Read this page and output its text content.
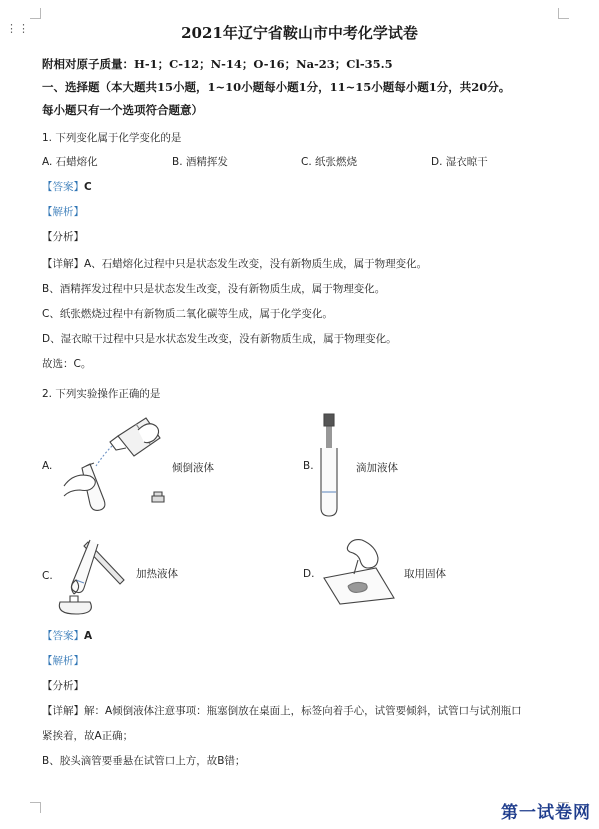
⋮⋮	2021年辽宁省鞍山市中考化学试卷
附相对原子质量：H-1；C-12；N-14；O-16；Na-23；Cl-35.5
一、选择题（本大题共15小题，1~10小题每小题1分，11~15小题每小题1分，共20分。
每小题只有一个选项符合题意）
1. 下列变化属于化学变化的是
A. 石蜡熔化	B. 酒精挥发	C. 纸张燃烧	D. 湿衣晾干
【答案】C
【解析】
【分析】
【详解】A、石蜡熔化过程中只是状态发生改变，没有新物质生成，属于物理变化。
B、酒精挥发过程中只是状态发生改变，没有新物质生成，属于物理变化。
C、纸张燃烧过程中有新物质二氧化碳等生成，属于化学变化。
D、湿衣晾干过程中只是水状态发生改变，没有新物质生成，属于物理变化。
故选：C。
2. 下列实验操作正确的是
A.	倾倒液体	B.	滴加液体
C.	加热液体	D.	取用固体
【答案】A
【解析】
【分析】
【详解】解：A倾倒液体注意事项：瓶塞倒放在桌面上，标签向着手心，试管要倾斜，试管口与试剂瓶口
紧挨着，故A正确；
B、胶头滴管要垂悬在试管口上方，故B错；
第一试卷网
